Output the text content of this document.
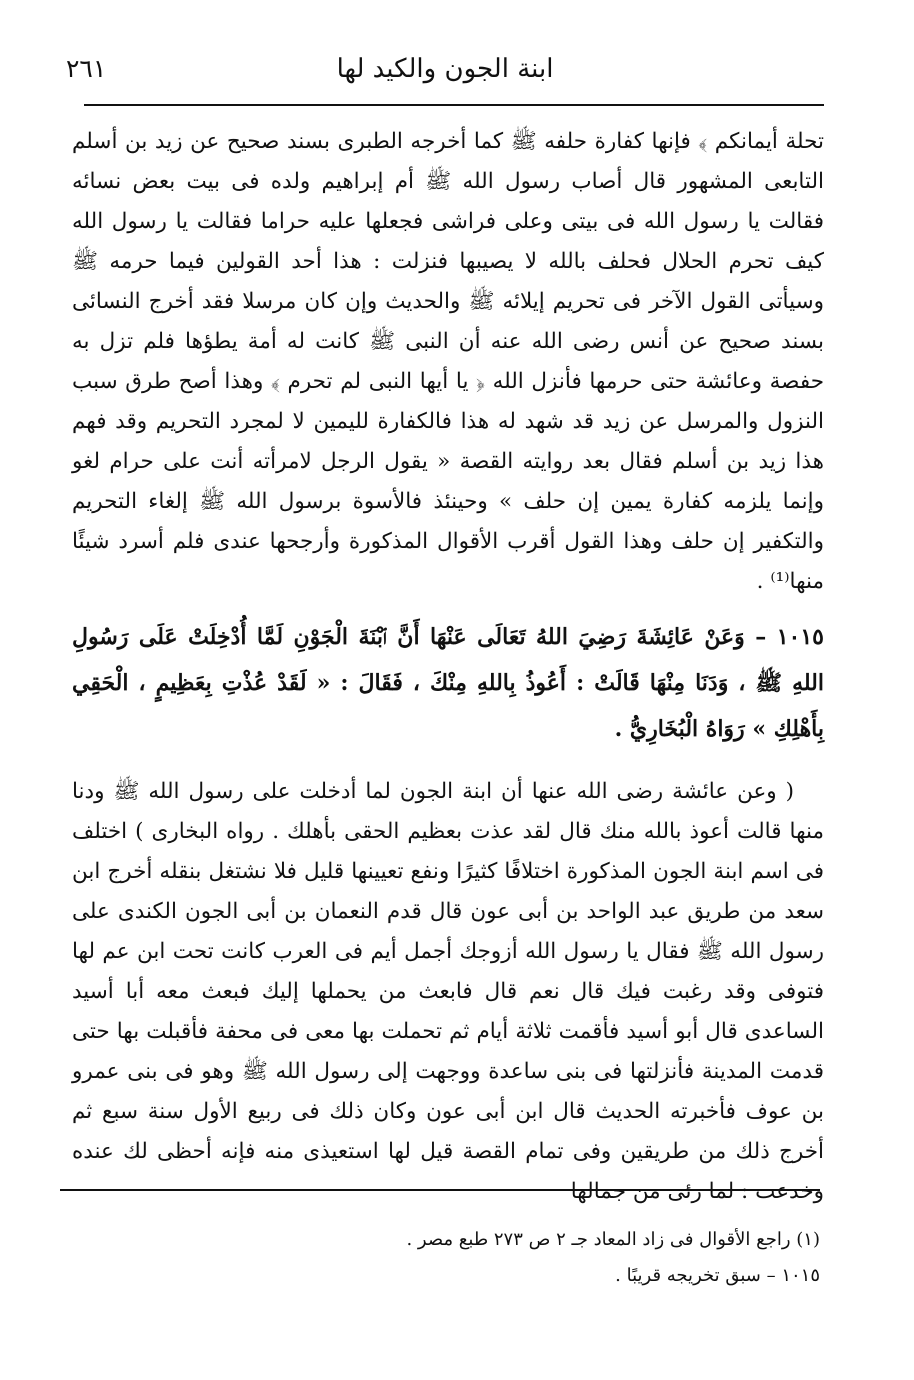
٢٦١	ابنة الجون والكيد لها

تحلة أيمانكم ﴾ فإنها كفارة حلفه ﷺ كما أخرجه الطبرى بسند صحيح عن زيد بن أسلم التابعى المشهور قال أصاب رسول الله ﷺ أم إبراهيم ولده فى بيت بعض نسائه فقالت يا رسول الله فى بيتى وعلى فراشى فجعلها عليه حراما فقالت يا رسول الله كيف تحرم الحلال فحلف بالله لا يصيبها فنزلت : هذا أحد القولين فيما حرمه ﷺ وسيأتى القول الآخر فى تحريم إيلائه ﷺ والحديث وإن كان مرسلا فقد أخرج النسائى بسند صحيح عن أنس رضى الله عنه أن النبى ﷺ كانت له أمة يطؤها فلم تزل به حفصة وعائشة حتى حرمها فأنزل الله ﴿ يا أيها النبى لم تحرم ﴾ وهذا أصح طرق سبب النزول والمرسل عن زيد قد شهد له هذا فالكفارة لليمين لا لمجرد التحريم وقد فهم هذا زيد بن أسلم فقال بعد روايته القصة « يقول الرجل لامرأته أنت على حرام لغو وإنما يلزمه كفارة يمين إن حلف » وحينئذ فالأسوة برسول الله ﷺ إلغاء التحريم والتكفير إن حلف وهذا القول أقرب الأقوال المذكورة وأرجحها عندى فلم أسرد شيئًا منها⁽¹⁾ .

١٠١٥ – وَعَنْ عَائِشَةَ رَضِيَ اللهُ تَعَالَى عَنْهَا أَنَّ ٱبْنَةَ الْجَوْنِ لَمَّا أُدْخِلَتْ عَلَى رَسُولِ اللهِ ﷺ ، وَدَنَا مِنْهَا قَالَتْ : أَعُوذُ بِاللهِ مِنْكَ ، فَقَالَ : « لَقَدْ عُذْتِ بِعَظِيمٍ ، الْحَقِي بِأَهْلِكِ » رَوَاهُ الْبُخَارِيُّ .

( وعن عائشة رضى الله عنها أن ابنة الجون لما أدخلت على رسول الله ﷺ ودنا منها قالت أعوذ بالله منك قال لقد عذت بعظيم الحقى بأهلك . رواه البخارى ) اختلف فى اسم ابنة الجون المذكورة اختلافًا كثيرًا ونفع تعيينها قليل فلا نشتغل بنقله أخرج ابن سعد من طريق عبد الواحد بن أبى عون قال قدم النعمان بن أبى الجون الكندى على رسول الله ﷺ فقال يا رسول الله أزوجك أجمل أيم فى العرب كانت تحت ابن عم لها فتوفى وقد رغبت فيك قال نعم قال فابعث من يحملها إليك فبعث معه أبا أسيد الساعدى قال أبو أسيد فأقمت ثلاثة أيام ثم تحملت بها معى فى محفة فأقبلت بها حتى قدمت المدينة فأنزلتها فى بنى ساعدة ووجهت إلى رسول الله ﷺ وهو فى بنى عمرو بن عوف فأخبرته الحديث قال ابن أبى عون وكان ذلك فى ربيع الأول سنة سبع ثم أخرج ذلك من طريقين وفى تمام القصة قيل لها استعيذى منه فإنه أحظى لك عنده وخدعت : لما رئى من جمالها

(١) راجع الأقوال فى زاد المعاد جـ ٢ ص ٢٧٣ طبع مصر .

١٠١٥ – سبق تخريجه قريبًا .
